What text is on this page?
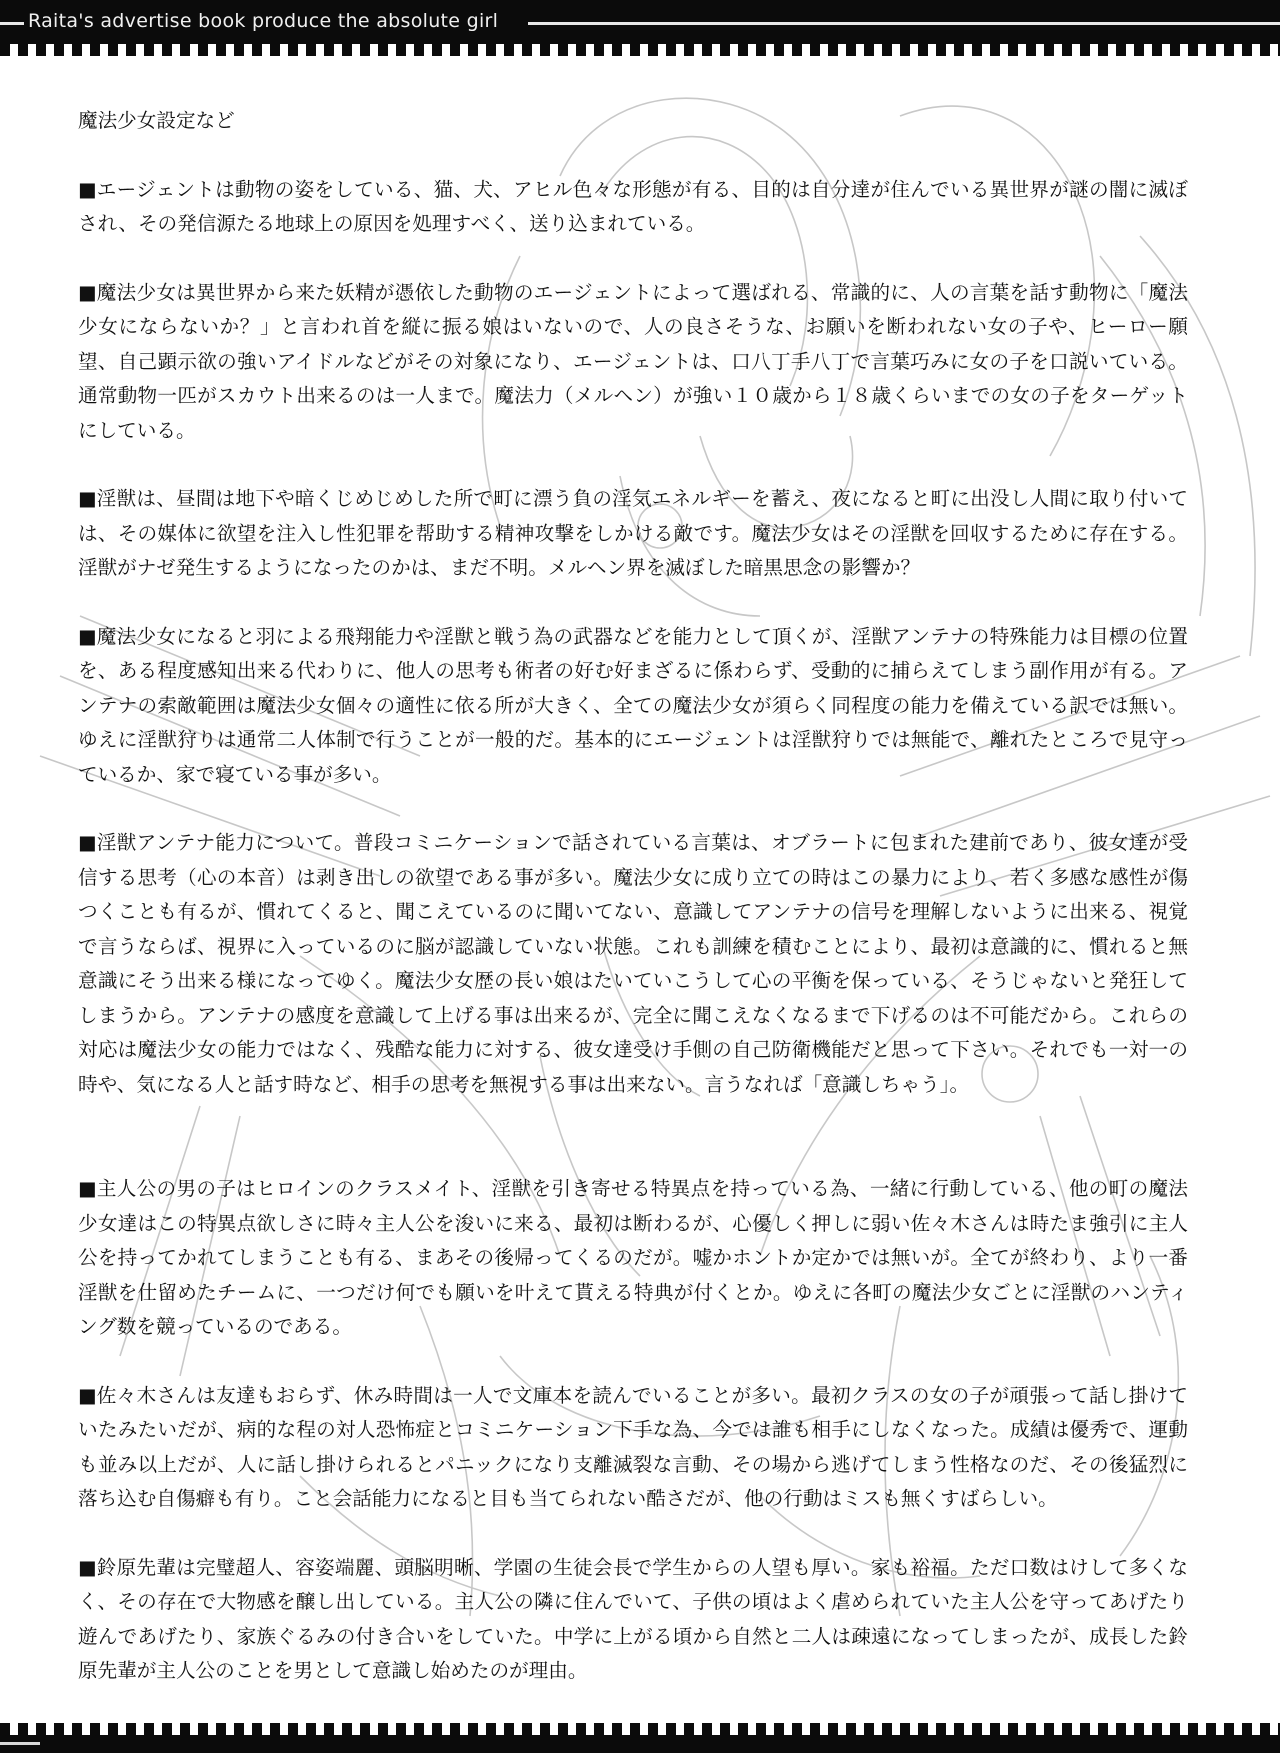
Raita's advertise book produce the absolute girl
魔法少女設定など

■エージェントは動物の姿をしている、猫、犬、アヒル色々な形態が有る、目的は自分達が住んでいる異世界が謎の闇に滅ぼされ、その発信源たる地球上の原因を処理すべく、送り込まれている。

■魔法少女は異世界から来た妖精が憑依した動物のエージェントによって選ばれる、常識的に、人の言葉を話す動物に「魔法少女にならないか？」と言われ首を縦に振る娘はいないので、人の良さそうな、お願いを断われない女の子や、ヒーロー願望、自己顕示欲の強いアイドルなどがその対象になり、エージェントは、口八丁手八丁で言葉巧みに女の子を口説いている。通常動物一匹がスカウト出来るのは一人まで。魔法力（メルヘン）が強い１０歳から１８歳くらいまでの女の子をターゲットにしている。

■淫獣は、昼間は地下や暗くじめじめした所で町に漂う負の淫気エネルギーを蓄え、夜になると町に出没し人間に取り付いては、その媒体に欲望を注入し性犯罪を帮助する精神攻撃をしかける敵です。魔法少女はその淫獣を回収するために存在する。淫獣がナゼ発生するようになったのかは、まだ不明。メルヘン界を滅ぼした暗黒思念の影響か？

■魔法少女になると羽による飛翔能力や淫獣と戦う為の武器などを能力として頂くが、淫獣アンテナの特殊能力は目標の位置を、ある程度感知出来る代わりに、他人の思考も術者の好む好まざるに係わらず、受動的に捕らえてしまう副作用が有る。アンテナの索敵範囲は魔法少女個々の適性に依る所が大きく、全ての魔法少女が須らく同程度の能力を備えている訳では無い。ゆえに淫獣狩りは通常二人体制で行うことが一般的だ。基本的にエージェントは淫獣狩りでは無能で、離れたところで見守っているか、家で寝ている事が多い。

■淫獣アンテナ能力について。普段コミニケーションで話されている言葉は、オブラートに包まれた建前であり、彼女達が受信する思考（心の本音）は剥き出しの欲望である事が多い。魔法少女に成り立ての時はこの暴力により、若く多感な感性が傷つくことも有るが、慣れてくると、聞こえているのに聞いてない、意識してアンテナの信号を理解しないように出来る、視覚で言うならば、視界に入っているのに脳が認識していない状態。これも訓練を積むことにより、最初は意識的に、慣れると無意識にそう出来る様になってゆく。魔法少女歴の長い娘はたいていこうして心の平衡を保っている、そうじゃないと発狂してしまうから。アンテナの感度を意識して上げる事は出来るが、完全に聞こえなくなるまで下げるのは不可能だから。これらの対応は魔法少女の能力ではなく、残酷な能力に対する、彼女達受け手側の自己防衛機能だと思って下さい。それでも一対一の時や、気になる人と話す時など、相手の思考を無視する事は出来ない。言うなれば「意識しちゃう」。

■主人公の男の子はヒロインのクラスメイト、淫獣を引き寄せる特異点を持っている為、一緒に行動している、他の町の魔法少女達はこの特異点欲しさに時々主人公を浚いに来る、最初は断わるが、心優しく押しに弱い佐々木さんは時たま強引に主人公を持ってかれてしまうことも有る、まあその後帰ってくるのだが。嘘かホントか定かでは無いが。全てが終わり、より一番淫獣を仕留めたチームに、一つだけ何でも願いを叶えて貰える特典が付くとか。ゆえに各町の魔法少女ごとに淫獣のハンティング数を競っているのである。

■佐々木さんは友達もおらず、休み時間は一人で文庫本を読んでいることが多い。最初クラスの女の子が頑張って話し掛けていたみたいだが、病的な程の対人恐怖症とコミニケーション下手な為、今では誰も相手にしなくなった。成績は優秀で、運動も並み以上だが、人に話し掛けられるとパニックになり支離滅裂な言動、その場から逃げてしまう性格なのだ、その後猛烈に落ち込む自傷癖も有り。こと会話能力になると目も当てられない酷さだが、他の行動はミスも無くすばらしい。

■鈴原先輩は完璧超人、容姿端麗、頭脳明晰、学園の生徒会長で学生からの人望も厚い。家も裕福。ただ口数はけして多くなく、その存在で大物感を醸し出している。主人公の隣に住んでいて、子供の頃はよく虐められていた主人公を守ってあげたり遊んであげたり、家族ぐるみの付き合いをしていた。中学に上がる頃から自然と二人は疎遠になってしまったが、成長した鈴原先輩が主人公のことを男として意識し始めたのが理由。
